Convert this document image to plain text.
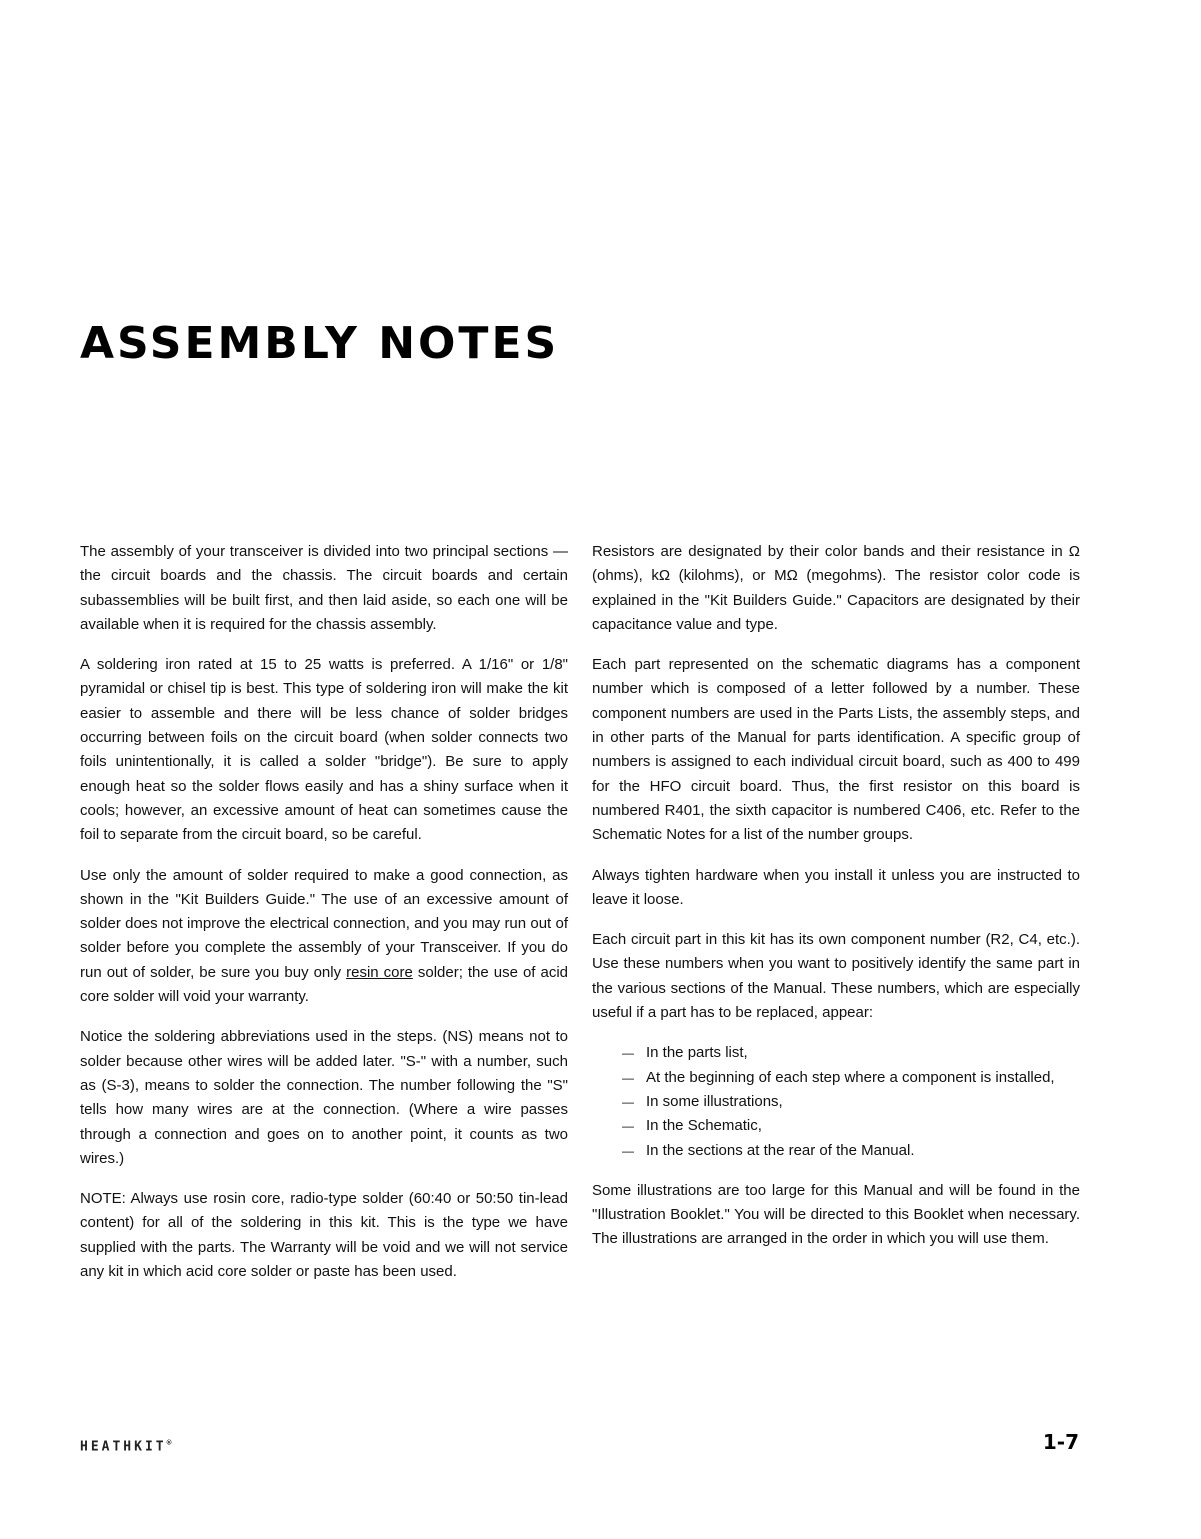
ASSEMBLY NOTES

The assembly of your transceiver is divided into two principal sections — the circuit boards and the chassis. The circuit boards and certain subassemblies will be built first, and then laid aside, so each one will be available when it is required for the chassis assembly.

A soldering iron rated at 15 to 25 watts is preferred. A 1/16" or 1/8" pyramidal or chisel tip is best. This type of soldering iron will make the kit easier to assemble and there will be less chance of solder bridges occurring between foils on the circuit board (when solder connects two foils unintentionally, it is called a solder "bridge"). Be sure to apply enough heat so the solder flows easily and has a shiny surface when it cools; however, an excessive amount of heat can sometimes cause the foil to separate from the circuit board, so be careful.

Use only the amount of solder required to make a good connection, as shown in the "Kit Builders Guide." The use of an excessive amount of solder does not improve the electrical connection, and you may run out of solder before you complete the assembly of your Transceiver. If you do run out of solder, be sure you buy only resin core solder; the use of acid core solder will void your warranty.

Notice the soldering abbreviations used in the steps. (NS) means not to solder because other wires will be added later. "S-" with a number, such as (S-3), means to solder the connection. The number following the "S" tells how many wires are at the connection. (Where a wire passes through a connection and goes on to another point, it counts as two wires.)

NOTE: Always use rosin core, radio-type solder (60:40 or 50:50 tin-lead content) for all of the soldering in this kit. This is the type we have supplied with the parts. The Warranty will be void and we will not service any kit in which acid core solder or paste has been used.

Resistors are designated by their color bands and their resistance in Ω (ohms), kΩ (kilohms), or MΩ (megohms). The resistor color code is explained in the "Kit Builders Guide." Capacitors are designated by their capacitance value and type.

Each part represented on the schematic diagrams has a component number which is composed of a letter followed by a number. These component numbers are used in the Parts Lists, the assembly steps, and in other parts of the Manual for parts identification. A specific group of numbers is assigned to each individual circuit board, such as 400 to 499 for the HFO circuit board. Thus, the first resistor on this board is numbered R401, the sixth capacitor is numbered C406, etc. Refer to the Schematic Notes for a list of the number groups.

Always tighten hardware when you install it unless you are instructed to leave it loose.

Each circuit part in this kit has its own component number (R2, C4, etc.). Use these numbers when you want to positively identify the same part in the various sections of the Manual. These numbers, which are especially useful if a part has to be replaced, appear:

— In the parts list,
— At the beginning of each step where a component is installed,
— In some illustrations,
— In the Schematic,
— In the sections at the rear of the Manual.

Some illustrations are too large for this Manual and will be found in the "Illustration Booklet." You will be directed to this Booklet when necessary. The illustrations are arranged in the order in which you will use them.

HEATHKIT®	1-7
